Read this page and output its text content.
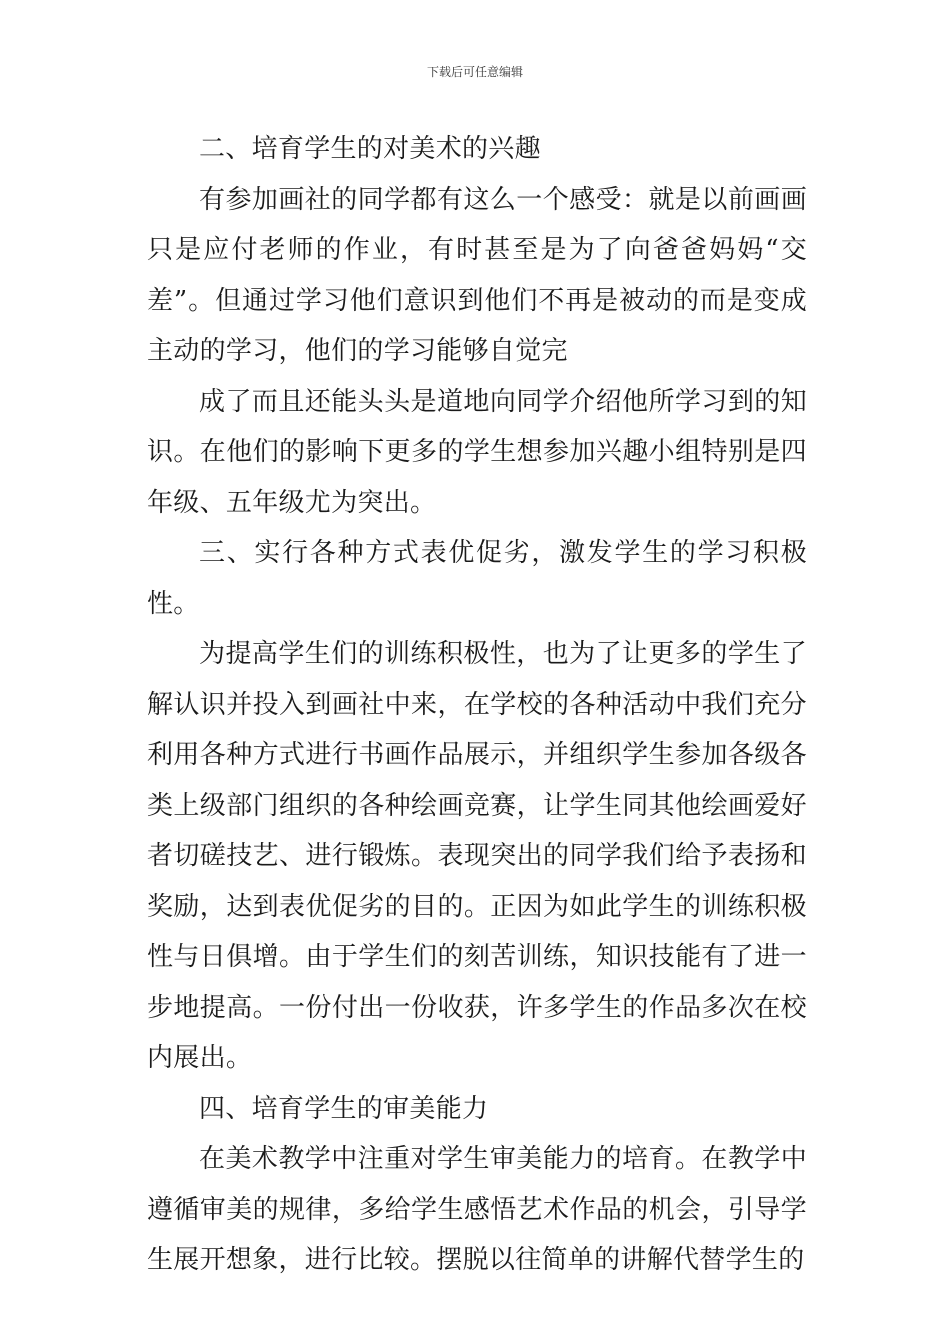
下载后可任意编辑

二、培育学生的对美术的兴趣

有参加画社的同学都有这么一个感受：就是以前画画只是应付老师的作业，有时甚至是为了向爸爸妈妈“交差”。但通过学习他们意识到他们不再是被动的而是变成主动的学习，他们的学习能够自觉完

成了而且还能头头是道地向同学介绍他所学习到的知识。在他们的影响下更多的学生想参加兴趣小组特别是四年级、五年级尤为突出。

三、实行各种方式表优促劣，激发学生的学习积极性。

为提高学生们的训练积极性，也为了让更多的学生了解认识并投入到画社中来，在学校的各种活动中我们充分利用各种方式进行书画作品展示，并组织学生参加各级各类上级部门组织的各种绘画竞赛，让学生同其他绘画爱好者切磋技艺、进行锻炼。表现突出的同学我们给予表扬和奖励，达到表优促劣的目的。正因为如此学生的训练积极性与日俱增。由于学生们的刻苦训练，知识技能有了进一步地提高。一份付出一份收获，许多学生的作品多次在校内展出。

四、培育学生的审美能力

在美术教学中注重对学生审美能力的培育。在教学中遵循审美的规律，多给学生感悟艺术作品的机会，引导学生展开想象，进行比较。摆脱以往简单的讲解代替学生的
